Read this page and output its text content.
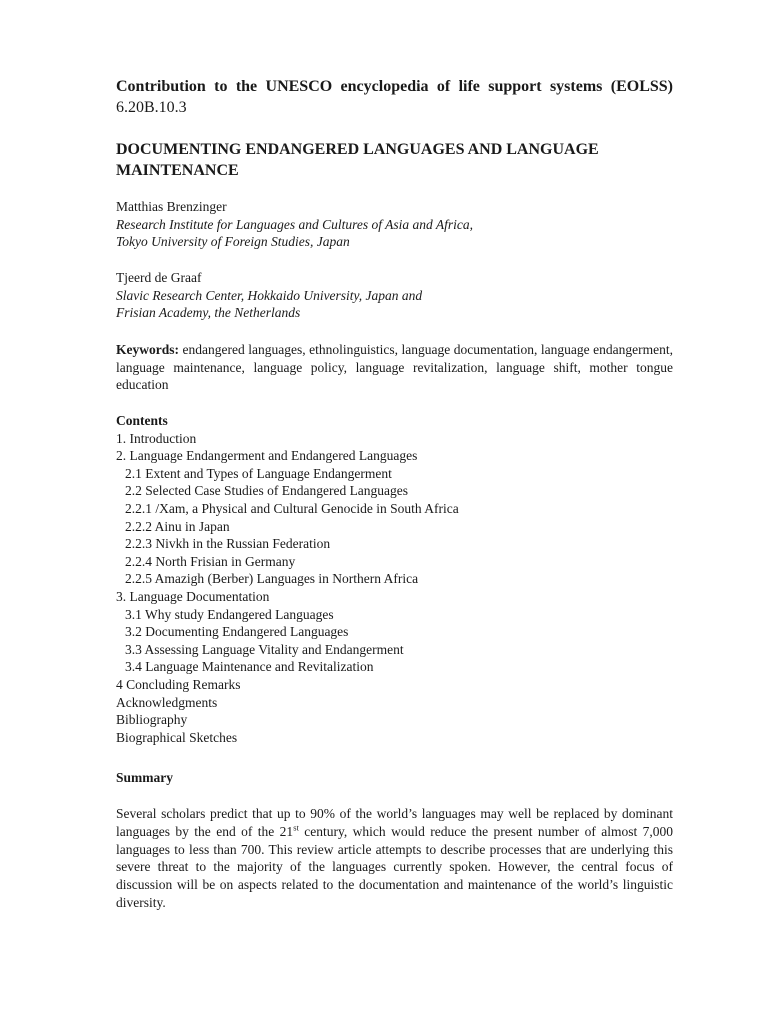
Contribution to the UNESCO encyclopedia of life support systems (EOLSS) 6.20B.10.3
DOCUMENTING ENDANGERED LANGUAGES AND LANGUAGE
MAINTENANCE
Matthias Brenzinger
Research Institute for Languages and Cultures of Asia and Africa,
Tokyo University of Foreign Studies, Japan
Tjeerd de Graaf
Slavic Research Center, Hokkaido University, Japan and
Frisian Academy, the Netherlands
Keywords: endangered languages, ethnolinguistics, language documentation, language endangerment, language maintenance, language policy, language revitalization, language shift, mother tongue education
Contents
1. Introduction
2. Language Endangerment and Endangered Languages
2.1 Extent and Types of Language Endangerment
2.2 Selected Case Studies of Endangered Languages
2.2.1 /Xam, a Physical and Cultural Genocide in South Africa
2.2.2 Ainu in Japan
2.2.3 Nivkh in the Russian Federation
2.2.4 North Frisian in Germany
2.2.5 Amazigh (Berber) Languages in Northern Africa
3. Language Documentation
3.1 Why study Endangered Languages
3.2 Documenting Endangered Languages
3.3 Assessing Language Vitality and Endangerment
3.4 Language Maintenance and Revitalization
4 Concluding Remarks
Acknowledgments
Bibliography
Biographical Sketches
Summary
Several scholars predict that up to 90% of the world’s languages may well be replaced by dominant languages by the end of the 21st century, which would reduce the present number of almost 7,000 languages to less than 700. This review article attempts to describe processes that are underlying this severe threat to the majority of the languages currently spoken. However, the central focus of discussion will be on aspects related to the documentation and maintenance of the world’s linguistic diversity.
